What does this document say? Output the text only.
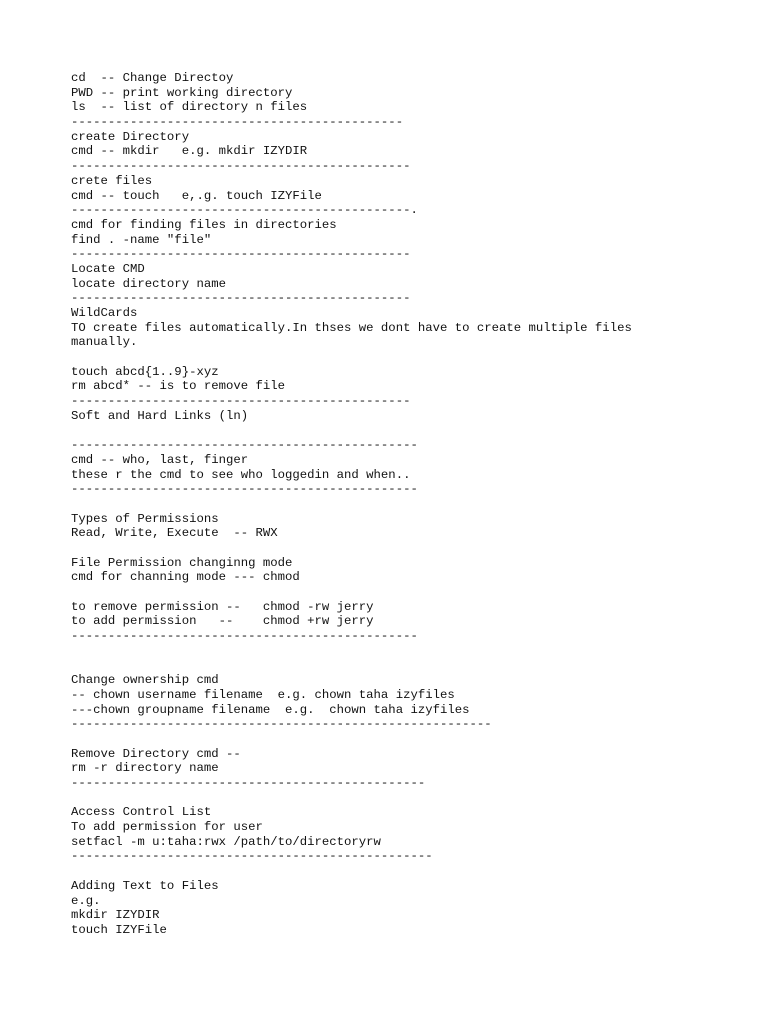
cd  -- Change Directoy
PWD -- print working directory
ls  -- list of directory n files
---------------------------------------------
create Directory
cmd -- mkdir   e.g. mkdir IZYDIR
----------------------------------------------
crete files
cmd -- touch   e,.g. touch IZYFile
----------------------------------------------.
cmd for finding files in directories
find . -name "file"
----------------------------------------------
Locate CMD
locate directory name
----------------------------------------------
WildCards
TO create files automatically.In thses we dont have to create multiple files
manually.
touch abcd{1..9}-xyz
rm abcd* -- is to remove file
----------------------------------------------
Soft and Hard Links (ln)
-----------------------------------------------
cmd -- who, last, finger
these r the cmd to see who loggedin and when..
-----------------------------------------------
Types of Permissions
Read, Write, Execute  -- RWX
File Permission changinng mode
cmd for channing mode --- chmod
to remove permission --   chmod -rw jerry
to add permission   --    chmod +rw jerry
-----------------------------------------------
Change ownership cmd
-- chown username filename  e.g. chown taha izyfiles
---chown groupname filename  e.g.  chown taha izyfiles
---------------------------------------------------------
Remove Directory cmd --
rm -r directory name
------------------------------------------------
Access Control List
To add permission for user
setfacl -m u:taha:rwx /path/to/directoryrw
-------------------------------------------------
Adding Text to Files
e.g.
mkdir IZYDIR
touch IZYFile
